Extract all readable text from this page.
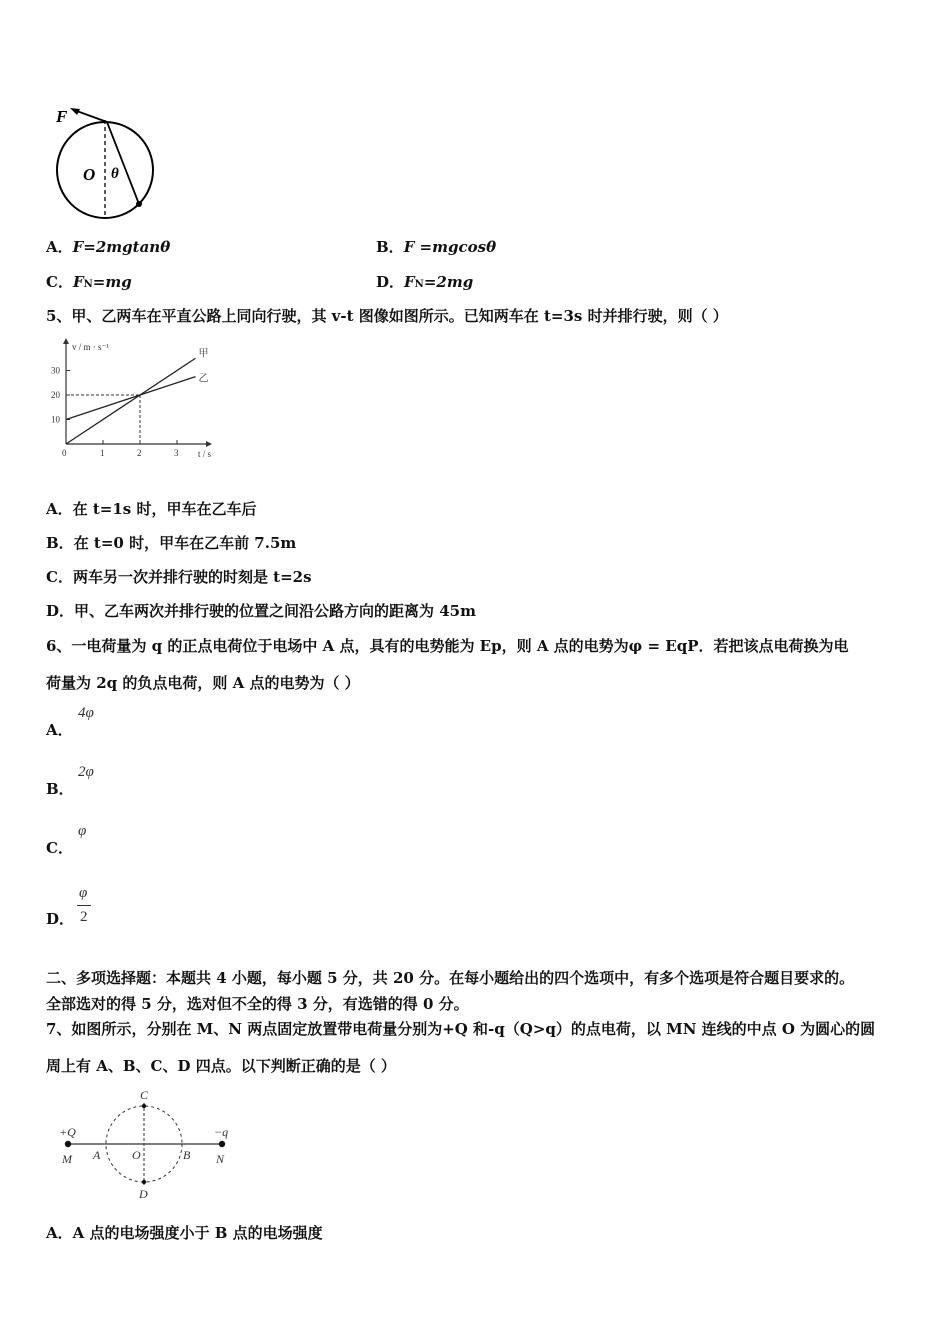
F
O θ
A．F=2mgtanθ	B．F =mgcosθ
C．FN=mg	D．FN=2mg
5、甲、乙两车在平直公路上同向行驶，其 v-t 图像如图所示。已知两车在 t=3s 时并排行驶，则（ ）
v / m · s⁻¹
t / s
0	1	2	3
10
20
30
甲
乙
A．在 t=1s 时，甲车在乙车后
B．在 t=0 时，甲车在乙车前 7.5m
C．两车另一次并排行驶的时刻是 t=2s
D．甲、乙车两次并排行驶的位置之间沿公路方向的距离为 45m
6、一电荷量为 q 的正点电荷位于电场中 A 点，具有的电势能为 Ep，则 A 点的电势为φ = EqP．若把该点电荷换为电
荷量为 2q 的负点电荷，则 A 点的电势为（ ）
A．
4φ
B．
2φ
C．
φ
D．
φ
2
二、多项选择题：本题共 4 小题，每小题 5 分，共 20 分。在每小题给出的四个选项中，有多个选项是符合题目要求的。
全部选对的得 5 分，选对但不全的得 3 分，有选错的得 0 分。
7、如图所示，分别在 M、N 两点固定放置带电荷量分别为+Q 和-q（Q>q）的点电荷，以 MN 连线的中点 O 为圆心的圆
周上有 A、B、C、D 四点。以下判断正确的是（ ）
+Q
M A	O	B N
−q
C
D
A．A 点的电场强度小于 B 点的电场强度
